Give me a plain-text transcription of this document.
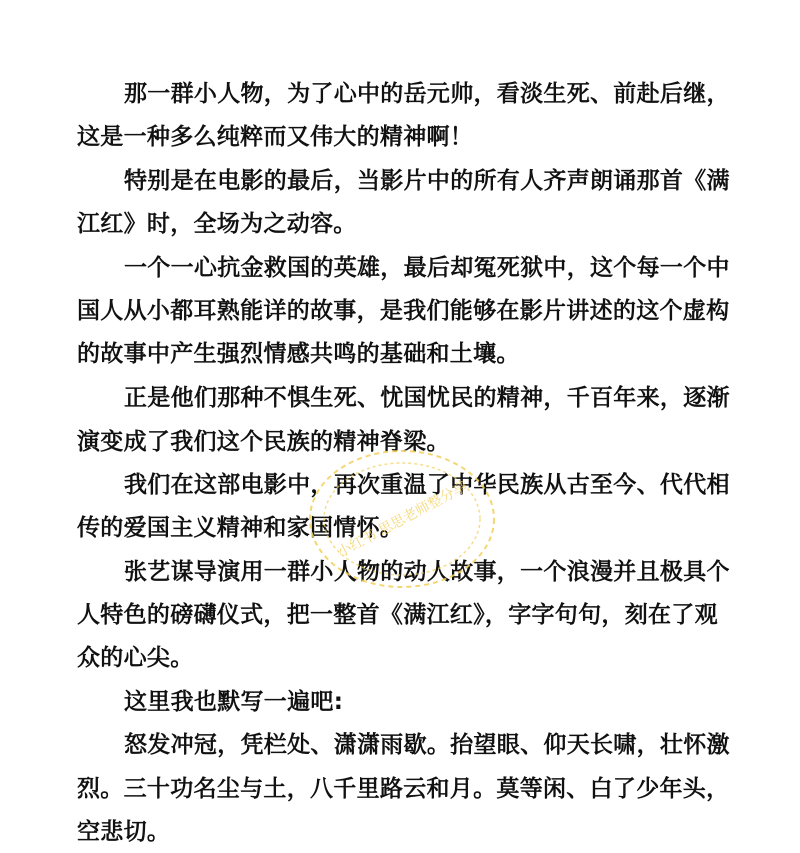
那一群小人物，为了心中的岳元帅，看淡生死、前赴后继，
这是一种多么纯粹而又伟大的精神啊！
特别是在电影的最后，当影片中的所有人齐声朗诵那首《满
江红》时，全场为之动容。
一个一心抗金救国的英雄，最后却冤死狱中，这个每一个中
国人从小都耳熟能详的故事，是我们能够在影片讲述的这个虚构
的故事中产生强烈情感共鸣的基础和土壤。
正是他们那种不惧生死、忧国忧民的精神，千百年来，逐渐
演变成了我们这个民族的精神脊梁。
我们在这部电影中，再次重温了中华民族从古至今、代代相
传的爱国主义精神和家国情怀。
张艺谋导演用一群小人物的动人故事，一个浪漫并且极具个
人特色的磅礴仪式，把一整首《满江红》，字字句句，刻在了观
众的心尖。
这里我也默写一遍吧:
怒发冲冠，凭栏处、潇潇雨歇。抬望眼、仰天长啸，壮怀激
烈。三十功名尘与土，八千里路云和月。莫等闲、白了少年头，
空悲切。
小红书 思思老师整分享
